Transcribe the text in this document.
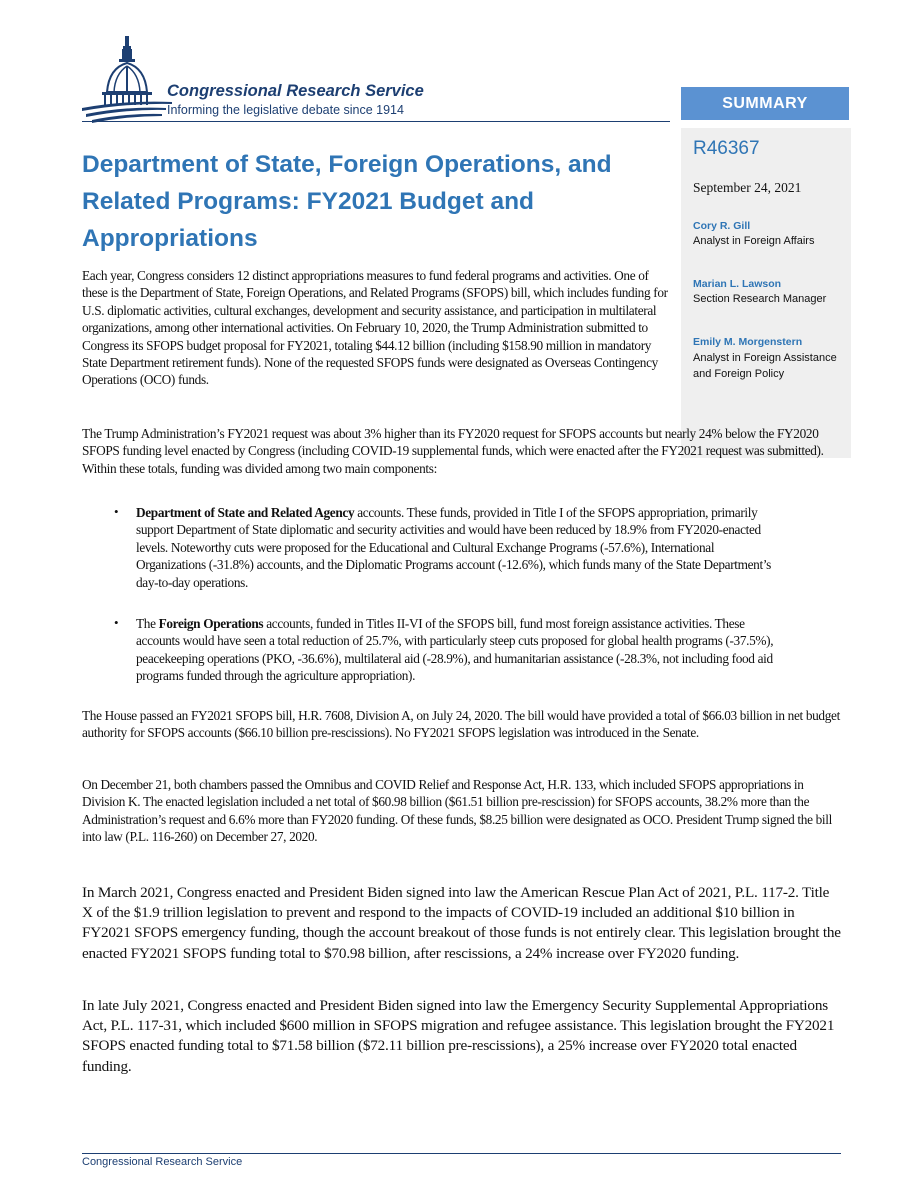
Congressional Research Service
Informing the legislative debate since 1914	SUMMARY
R46367
September 24, 2021
Cory R. Gill
Analyst in Foreign Affairs
Marian L. Lawson
Section Research Manager
Emily M. Morgenstern
Analyst in Foreign Assistance and Foreign Policy
Department of State, Foreign Operations, and Related Programs: FY2021 Budget and Appropriations

Each year, Congress considers 12 distinct appropriations measures to fund federal programs and activities. One of these is the Department of State, Foreign Operations, and Related Programs (SFOPS) bill, which includes funding for U.S. diplomatic activities, cultural exchanges, development and security assistance, and participation in multilateral organizations, among other international activities. On February 10, 2020, the Trump Administration submitted to Congress its SFOPS budget proposal for FY2021, totaling $44.12 billion (including $158.90 million in mandatory State Department retirement funds). None of the requested SFOPS funds were designated as Overseas Contingency Operations (OCO) funds.

The Trump Administration’s FY2021 request was about 3% higher than its FY2020 request for SFOPS accounts but nearly 24% below the FY2020 SFOPS funding level enacted by Congress (including COVID-19 supplemental funds, which were enacted after the FY2021 request was submitted). Within these totals, funding was divided among two main components:

• Department of State and Related Agency accounts. These funds, provided in Title I of the SFOPS appropriation, primarily support Department of State diplomatic and security activities and would have been reduced by 18.9% from FY2020-enacted levels. Noteworthy cuts were proposed for the Educational and Cultural Exchange Programs (-57.6%), International Organizations (-31.8%) accounts, and the Diplomatic Programs account (-12.6%), which funds many of the State Department’s day-to-day operations.

• The Foreign Operations accounts, funded in Titles II-VI of the SFOPS bill, fund most foreign assistance activities. These accounts would have seen a total reduction of 25.7%, with particularly steep cuts proposed for global health programs (-37.5%), peacekeeping operations (PKO, -36.6%), multilateral aid (-28.9%), and humanitarian assistance (-28.3%, not including food aid programs funded through the agriculture appropriation).

The House passed an FY2021 SFOPS bill, H.R. 7608, Division A, on July 24, 2020. The bill would have provided a total of $66.03 billion in net budget authority for SFOPS accounts ($66.10 billion pre-rescissions). No FY2021 SFOPS legislation was introduced in the Senate.

On December 21, both chambers passed the Omnibus and COVID Relief and Response Act, H.R. 133, which included SFOPS appropriations in Division K. The enacted legislation included a net total of $60.98 billion ($61.51 billion pre-rescission) for SFOPS accounts, 38.2% more than the Administration’s request and 6.6% more than FY2020 funding. Of these funds, $8.25 billion were designated as OCO. President Trump signed the bill into law (P.L. 116-260) on December 27, 2020.

In March 2021, Congress enacted and President Biden signed into law the American Rescue Plan Act of 2021, P.L. 117-2. Title X of the $1.9 trillion legislation to prevent and respond to the impacts of COVID-19 included an additional $10 billion in FY2021 SFOPS emergency funding, though the account breakout of those funds is not entirely clear. This legislation brought the enacted FY2021 SFOPS funding total to $70.98 billion, after rescissions, a 24% increase over FY2020 funding.

In late July 2021, Congress enacted and President Biden signed into law the Emergency Security Supplemental Appropriations Act, P.L. 117-31, which included $600 million in SFOPS migration and refugee assistance. This legislation brought the FY2021 SFOPS enacted funding total to $71.58 billion ($72.11 billion pre-rescissions), a 25% increase over FY2020 total enacted funding.

Congressional Research Service
